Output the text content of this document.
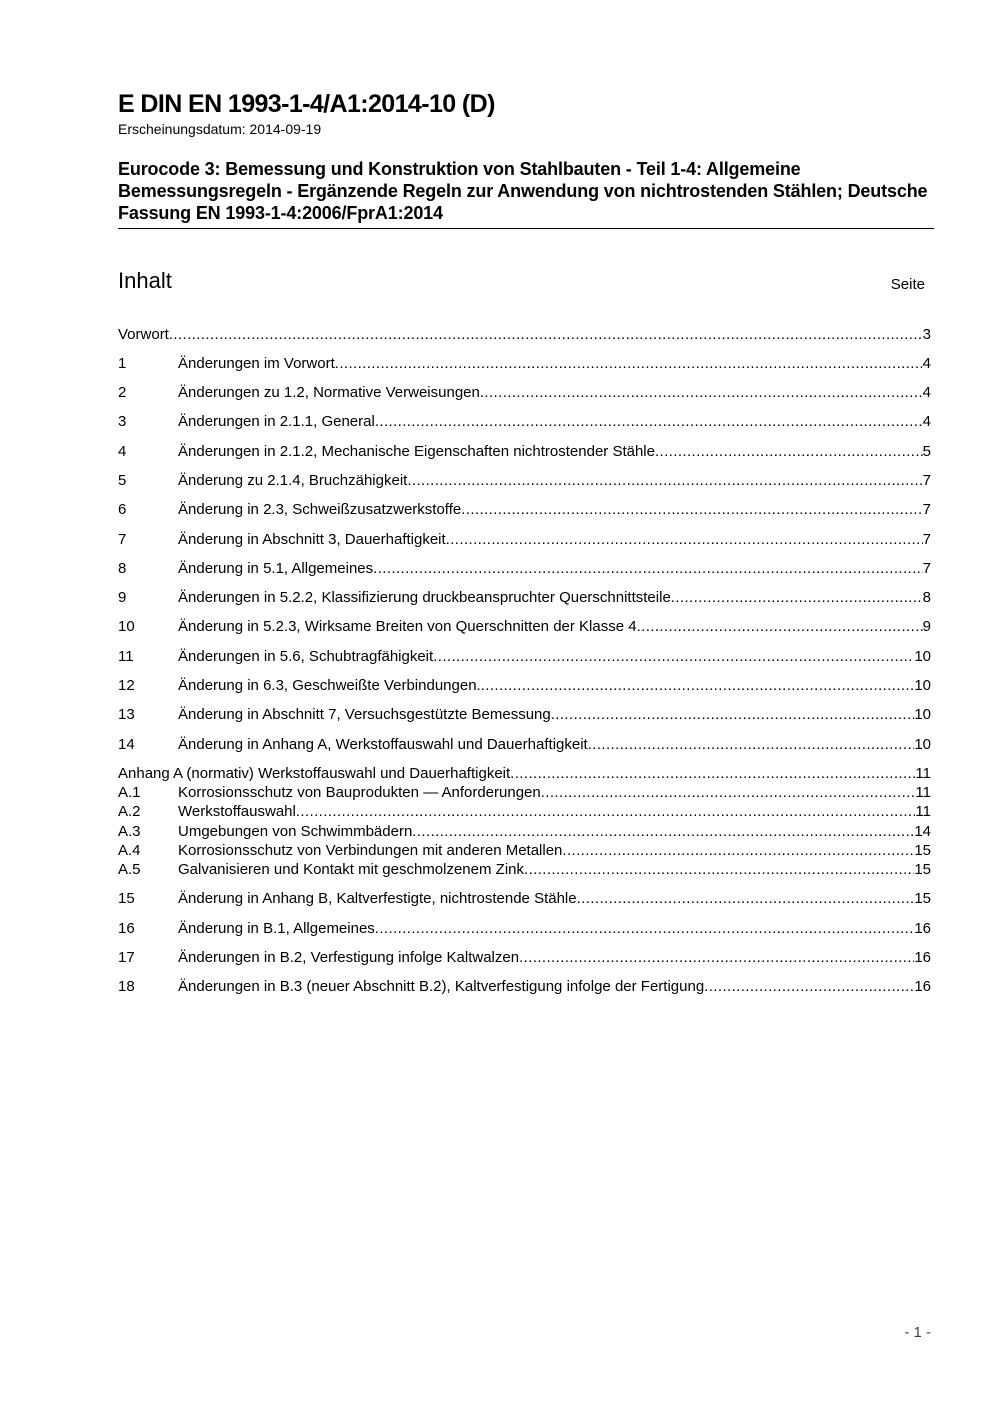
E DIN EN 1993-1-4/A1:2014-10 (D)
Erscheinungsdatum: 2014-09-19
Eurocode 3: Bemessung und Konstruktion von Stahlbauten - Teil 1-4: Allgemeine Bemessungsregeln - Ergänzende Regeln zur Anwendung von nichtrostenden Stählen; Deutsche Fassung EN 1993-1-4:2006/FprA1:2014
Inhalt	Seite
Vorwort .....	3
1	Änderungen im Vorwort .....	4
2	Änderungen zu 1.2, Normative Verweisungen .....	4
3	Änderungen in 2.1.1, General .....	4
4	Änderungen in 2.1.2, Mechanische Eigenschaften nichtrostender Stähle .....	5
5	Änderung zu 2.1.4, Bruchzähigkeit .....	7
6	Änderung in 2.3, Schweißzusatzwerkstoffe .....	7
7	Änderung in Abschnitt 3, Dauerhaftigkeit .....	7
8	Änderung in 5.1, Allgemeines .....	7
9	Änderungen in 5.2.2, Klassifizierung druckbeanspruchter Querschnittsteile .....	8
10	Änderung in 5.2.3, Wirksame Breiten von Querschnitten der Klasse 4 .....	9
11	Änderungen in 5.6, Schubtragfähigkeit .....	10
12	Änderung in 6.3, Geschweißte Verbindungen. .....	10
13	Änderung in Abschnitt 7, Versuchsgestützte Bemessung .....	10
14	Änderung in Anhang A, Werkstoffauswahl und Dauerhaftigkeit .....	10
Anhang A (normativ) Werkstoffauswahl und Dauerhaftigkeit .....	11
A.1	Korrosionsschutz von Bauprodukten — Anforderungen .....	11
A.2	Werkstoffauswahl .....	11
A.3	Umgebungen von Schwimmbädern .....	14
A.4	Korrosionsschutz von Verbindungen mit anderen Metallen .....	15
A.5	Galvanisieren und Kontakt mit geschmolzenem Zink .....	15
15	Änderung in Anhang B, Kaltverfestigte, nichtrostende Stähle .....	15
16	Änderung in B.1, Allgemeines .....	16
17	Änderungen in B.2, Verfestigung infolge Kaltwalzen .....	16
18	Änderungen in B.3 (neuer Abschnitt B.2), Kaltverfestigung infolge der Fertigung .....	16
- 1 -
